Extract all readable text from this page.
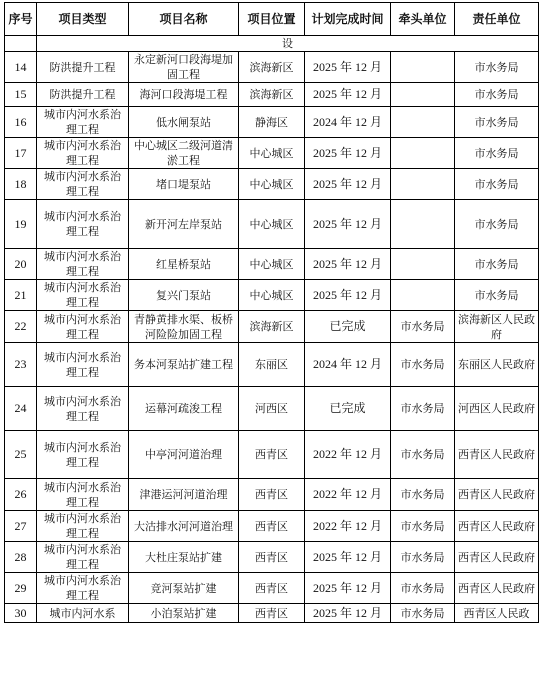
序号	项目类型	项目名称	项目位置	计划完成时间	牵头单位	责任单位
	设					
14	防洪提升工程	永定新河口段海堤加固工程	滨海新区	2025 年 12 月		市水务局
15	防洪提升工程	海河口段海堤工程	滨海新区	2025 年 12 月		市水务局
16	城市内河水系治理工程	低水闸泵站	静海区	2024 年 12 月		市水务局
17	城市内河水系治理工程	中心城区二级河道清淤工程	中心城区	2025 年 12 月		市水务局
18	城市内河水系治理工程	堵口堤泵站	中心城区	2025 年 12 月		市水务局
19	城市内河水系治理工程	新开河左岸泵站	中心城区	2025 年 12 月		市水务局
20	城市内河水系治理工程	红星桥泵站	中心城区	2025 年 12 月		市水务局
21	城市内河水系治理工程	复兴门泵站	中心城区	2025 年 12 月		市水务局
22	城市内河水系治理工程	青静黄排水渠、板桥河险险加固工程	滨海新区	已完成	市水务局	滨海新区人民政府
23	城市内河水系治理工程	务本河泵站扩建工程	东丽区	2024 年 12 月	市水务局	东丽区人民政府
24	城市内河水系治理工程	运幕河疏浚工程	河西区	已完成	市水务局	河西区人民政府
25	城市内河水系治理工程	中亭河河道治理	西青区	2022 年 12 月	市水务局	西青区人民政府
26	城市内河水系治理工程	津港运河河道治理	西青区	2022 年 12 月	市水务局	西青区人民政府
27	城市内河水系治理工程	大沽排水河河道治理	西青区	2022 年 12 月	市水务局	西青区人民政府
28	城市内河水系治理工程	大杜庄泵站扩建	西青区	2025 年 12 月	市水务局	西青区人民政府
29	城市内河水系治理工程	竞河泵站扩建	西青区	2025 年 12 月	市水务局	西青区人民政府
30	城市内河水系	小泊泵站扩建	西青区	2025 年 12 月	市水务局	西青区人民政
